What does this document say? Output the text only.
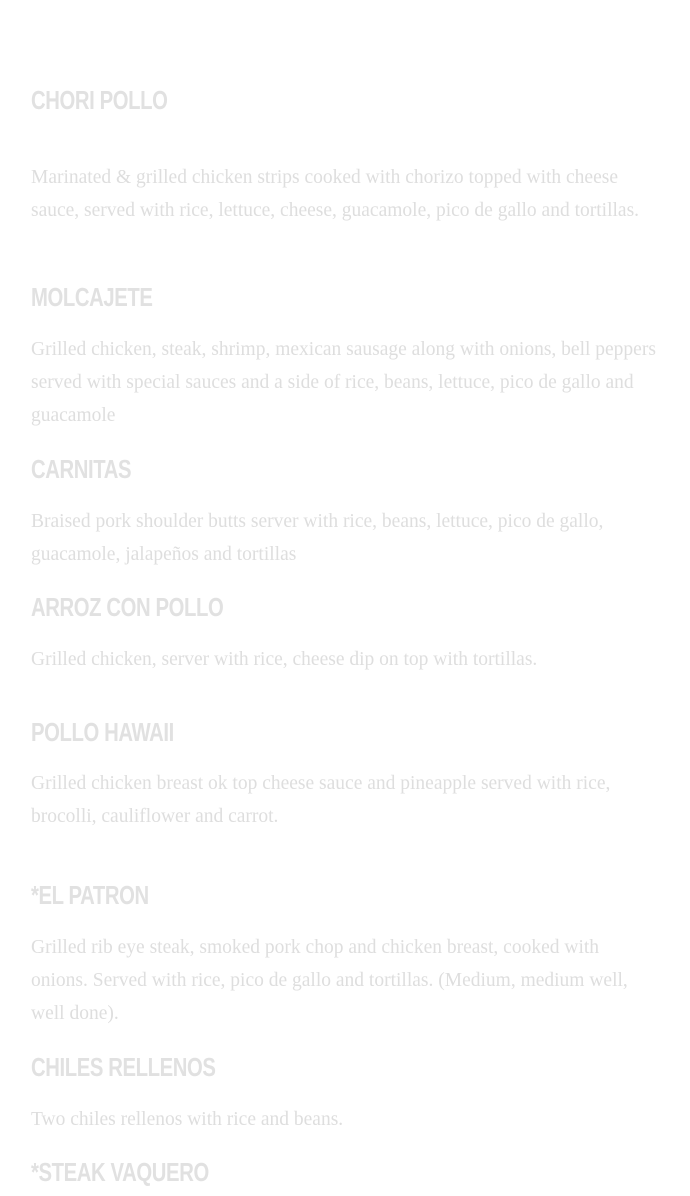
CHORI POLLO

Marinated & grilled chicken strips cooked with chorizo topped with cheese sauce, served with rice, lettuce, cheese, guacamole, pico de gallo and tortillas.

MOLCAJETE

Grilled chicken, steak, shrimp, mexican sausage along with onions, bell peppers served with special sauces and a side of rice, beans, lettuce, pico de gallo and guacamole

CARNITAS

Braised pork shoulder butts server with rice, beans, lettuce, pico de gallo, guacamole, jalapeños and tortillas

ARROZ CON POLLO

Grilled chicken, server with rice, cheese dip on top with tortillas.

POLLO HAWAII

Grilled chicken breast ok top cheese sauce and pineapple served with rice, brocolli, cauliflower and carrot.

*EL PATRON

Grilled rib eye steak, smoked pork chop and chicken breast, cooked with onions. Served with rice, pico de gallo and tortillas. (Medium, medium well, well done).

CHILES RELLENOS

Two chiles rellenos with rice and beans.

*STEAK VAQUERO
